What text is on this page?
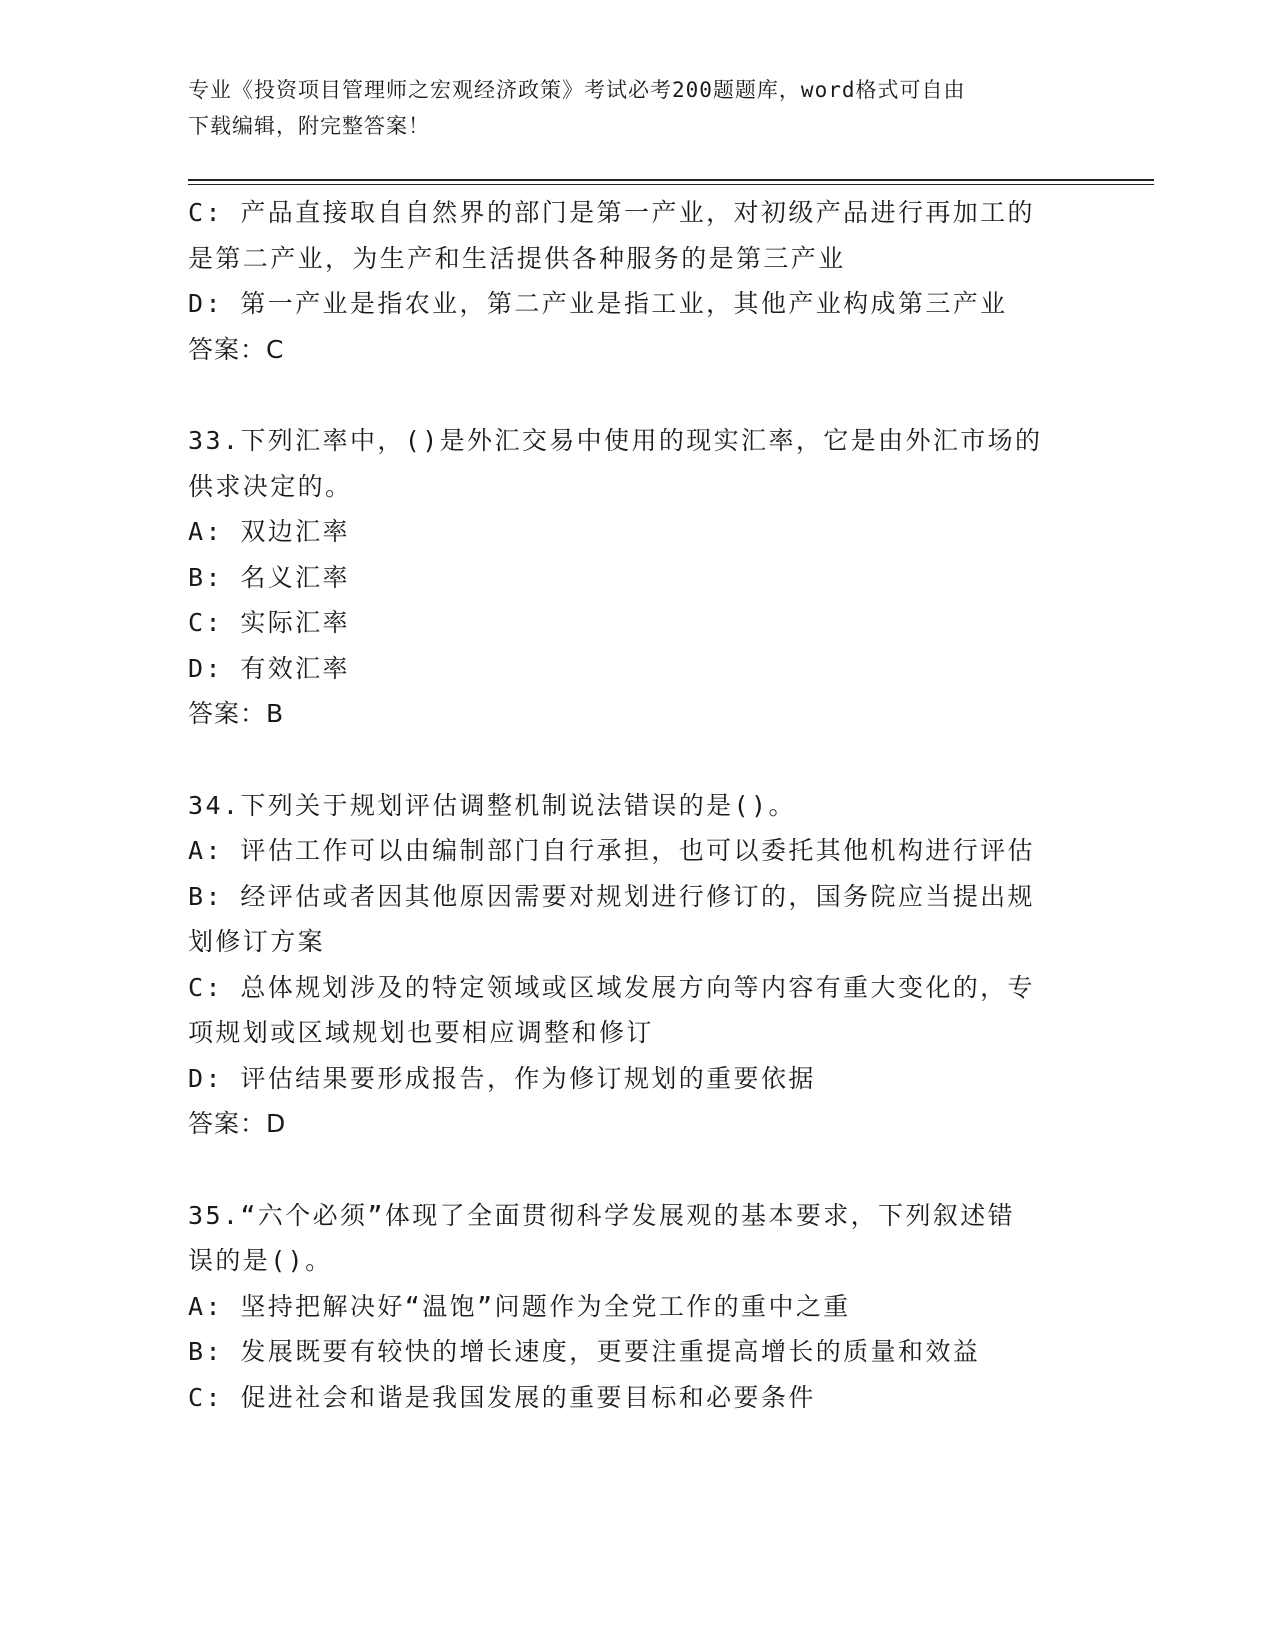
专业《投资项目管理师之宏观经济政策》考试必考200题题库，word格式可自由
下载编辑，附完整答案！
C: 产品直接取自自然界的部门是第一产业，对初级产品进行再加工的
是第二产业，为生产和生活提供各种服务的是第三产业
D: 第一产业是指农业，第二产业是指工业，其他产业构成第三产业
答案：C
33.下列汇率中，()是外汇交易中使用的现实汇率，它是由外汇市场的
供求决定的。
A: 双边汇率
B: 名义汇率
C: 实际汇率
D: 有效汇率
答案：B
34.下列关于规划评估调整机制说法错误的是()。
A: 评估工作可以由编制部门自行承担，也可以委托其他机构进行评估
B: 经评估或者因其他原因需要对规划进行修订的，国务院应当提出规
划修订方案
C: 总体规划涉及的特定领域或区域发展方向等内容有重大变化的，专
项规划或区域规划也要相应调整和修订
D: 评估结果要形成报告，作为修订规划的重要依据
答案：D
35.“六个必须”体现了全面贯彻科学发展观的基本要求，下列叙述错
误的是()。
A: 坚持把解决好“温饱”问题作为全党工作的重中之重
B: 发展既要有较快的增长速度，更要注重提高增长的质量和效益
C: 促进社会和谐是我国发展的重要目标和必要条件
